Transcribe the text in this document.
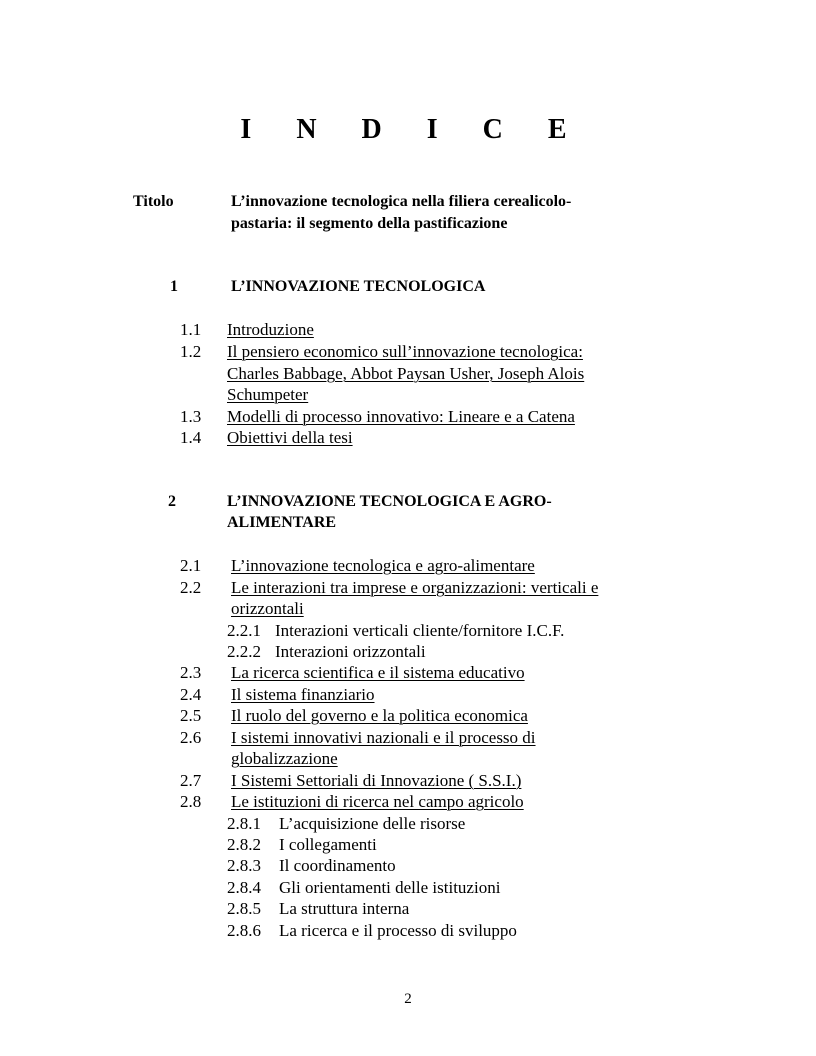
I N D I C E
Titolo	L’innovazione tecnologica nella filiera cerealicolo-
pastaria: il segmento della pastificazione
1	L’INNOVAZIONE TECNOLOGICA
1.1 Introduzione
1.2 Il pensiero economico sull’innovazione tecnologica:
Charles Babbage, Abbot Paysan Usher, Joseph Alois
Schumpeter
1.3 Modelli di processo innovativo: Lineare e a Catena
1.4 Obiettivi della tesi
2	L’INNOVAZIONE TECNOLOGICA E AGRO-
ALIMENTARE
2.1 L’innovazione tecnologica e agro-alimentare
2.2 Le interazioni tra imprese e organizzazioni: verticali e
orizzontali
2.2.1 Interazioni verticali cliente/fornitore I.C.F.
2.2.2 Interazioni orizzontali
2.3 La ricerca scientifica e il sistema educativo
2.4 Il sistema finanziario
2.5 Il ruolo del governo e la politica economica
2.6 I sistemi innovativi nazionali e il processo di
globalizzazione
2.7 I Sistemi Settoriali di Innovazione ( S.S.I.)
2.8 Le istituzioni di ricerca nel campo agricolo
2.8.1 L’acquisizione delle risorse
2.8.2 I collegamenti
2.8.3 Il coordinamento
2.8.4 Gli orientamenti delle istituzioni
2.8.5 La struttura interna
2.8.6 La ricerca e il processo di sviluppo
2
